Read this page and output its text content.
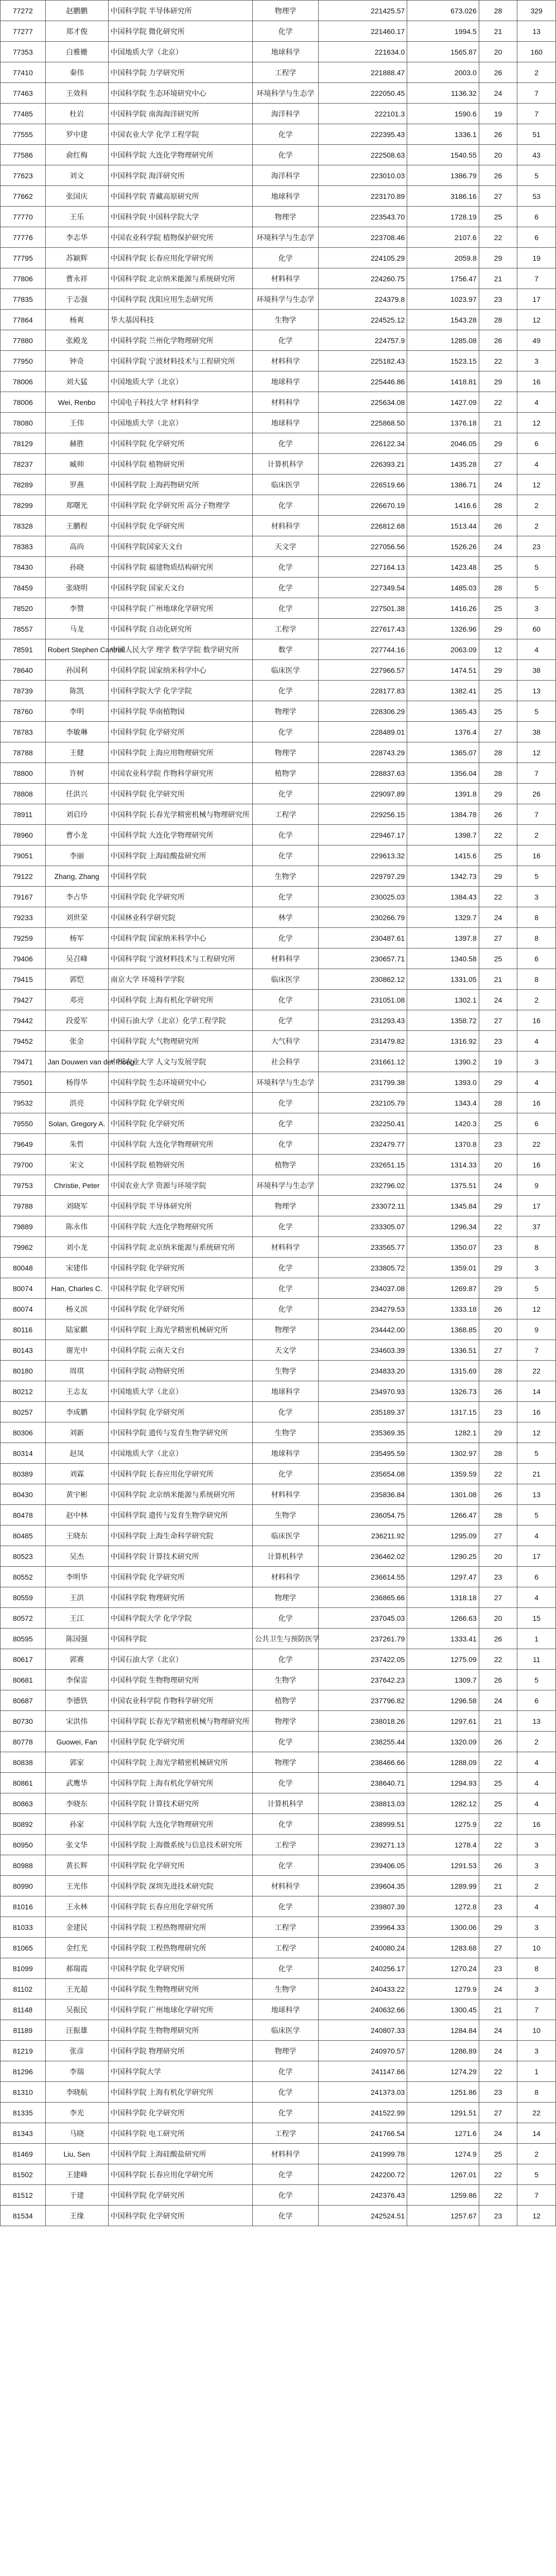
77272	赵鹏鹏	中国科学院 半导体研究所	物理学	221425.57	673.026	28	329
77277	郑才俊	中国科学院 微化研究所	化学	221460.17	1994.5	21	13
77353	白雅姗	中国地质大学（北京）	地球科学	221634.0	1565.87	20	160
77410	秦伟	中国科学院 力学研究所	工程学	221888.47	2003.0	26	2
77463	王效科	中国科学院 生态环境研究中心	环境科学与生态学	222050.45	1136.32	24	7
77485	杜岩	中国科学院 南海海洋研究所	海洋科学	222101.3	1590.6	19	7
77555	罗中建	中国农业大学 化学工程学院	化学	222395.43	1336.1	26	51
77586	俞红梅	中国科学院 大连化学物理研究所	化学	222508.63	1540.55	20	43
77623	刘文	中国科学院 海洋研究所	海洋科学	223010.03	1386.79	26	5
77662	张国庆	中国科学院 青藏高原研究所	地球科学	223170.89	3186.16	27	53
77770	王乐	中国科学院 中国科学院大学	物理学	223543.70	1728.19	25	6
77776	李志华	中国农业科学院 植物保护研究所	环境科学与生态学	223708.46	2107.6	22	6
77795	苏颖辉	中国科学院 长春应用化学研究所	化学	224105.29	2059.8	29	19
77806	曹永祥	中国科学院 北京纳米能源与系统研究所	材料科学	224260.75	1756.47	21	7
77835	于志强	中国科学院 沈阳应用生态研究所	环境科学与生态学	224379.8	1023.97	23	17
77864	杨爽	华大基因科技	生物学	224525.12	1543.28	28	12
77880	张殿龙	中国科学院 兰州化学物理研究所	化学	224757.9	1285.08	26	49
77950	钟奇	中国科学院 宁波材料技术与工程研究所	材料科学	225182.43	1523.15	22	3
78006	刘大猛	中国地质大学（北京）	地球科学	225446.86	1418.81	29	16
78006	Wei, Renbo	中国电子科技大学 材料科学	材料科学	225634.08	1427.09	22	4
78080	王伟	中国地质大学（北京）	地球科学	225868.50	1376.18	21	12
78129	赫胜	中国科学院 化学研究所	化学	226122.34	2046.05	29	6
78237	臧帅	中国科学院 植物研究所	计算机科学	226393.21	1435.28	27	4
78289	罗燕	中国科学院 上海药物研究所	临床医学	226519.66	1386.71	24	12
78299	郑曙光	中国科学院 化学研究所 高分子物理学	化学	226670.19	1416.6	28	2
78328	王鹏程	中国科学院 化学研究所	材料科学	226812.68	1513.44	26	2
78383	高尚	中国科学院国家天文台	天文学	227056.56	1526.26	24	23
78430	孙晓	中国科学院 福建物质结构研究所	化学	227164.13	1423.48	25	5
78459	张晓明	中国科学院 国家天文台	化学	227349.54	1485.03	28	5
78520	李赞	中国科学院 广州地球化学研究所	化学	227501.38	1416.26	25	3
78557	马龙	中国科学院 自动化研究所	工程学	227617.43	1326.96	29	60
78591	Robert Stephen Cantrell	中国人民大学 理学 数学学院 数学研究所	数学	227744.16	2063.09	12	4
78640	孙国利	中国科学院 国家纳米科学中心	临床医学	227966.57	1474.51	29	38
78739	陈凯	中国科学院大学 化学学院	化学	228177.83	1382.41	25	13
78760	李明	中国科学院 华南植物园	物理学	228306.29	1365.43	25	5
78783	李敏琳	中国科学院 化学研究所	化学	228489.01	1376.4	27	38
78788	王健	中国科学院 上海应用物理研究所	物理学	228743.29	1365.07	28	12
78800	许树	中国农业科学院 作物科学研究所	植物学	228837.63	1356.04	28	7
78808	任洪兴	中国科学院 化学研究所	化学	229097.89	1391.8	29	26
78911	刘启玲	中国科学院 长春光学精密机械与物理研究所	工程学	229256.15	1384.78	26	7
78960	曹小龙	中国科学院 大连化学物理研究所	化学	229467.17	1398.7	22	2
79051	李丽	中国科学院 上海硅酸盐研究所	化学	229613.32	1415.6	25	16
79122	Zhang, Zhang	中国科学院	生物学	229797.29	1342.73	29	5
79167	李占华	中国科学院 化学研究所	化学	230025.03	1384.43	22	3
79233	刘世荣	中国林业科学研究院	林学	230266.79	1329.7	24	8
79259	杨军	中国科学院 国家纳米科学中心	化学	230487.61	1397.8	27	8
79406	吴召峰	中国科学院 宁波材料技术与工程研究所	材料科学	230657.71	1340.58	25	6
79415	郭恺	南京大学 环境科学学院	临床医学	230862.12	1331.05	21	8
79427	邓亮	中国科学院 上海有机化学研究所	化学	231051.08	1302.1	24	2
79442	段爱军	中国石油大学（北京）化学工程学院	化学	231293.43	1358.72	27	16
79452	张金	中国科学院 大气物理研究所	大气科学	231479.82	1316.92	23	4
79471	Jan Douwen van der Ploeg	中国农业大学 人文与发展学院	社会科学	231661.12	1390.2	19	3
79501	杨得华	中国科学院 生态环境研究中心	环境科学与生态学	231799.38	1393.0	29	4
79532	洪亮	中国科学院 化学研究所	化学	232105.79	1343.4	28	16
79550	Solan, Gregory A.	中国科学院 化学研究所	化学	232250.41	1420.3	25	6
79649	朱哲	中国科学院 大连化学物理研究所	化学	232479.77	1370.8	23	22
79700	宋文	中国科学院 植物研究所	植物学	232651.15	1314.33	20	16
79753	Christie, Peter	中国农业大学 资源与环境学院	环境科学与生态学	232796.02	1375.51	24	9
79788	刘晓军	中国科学院 半导体研究所	物理学	233072.11	1345.84	29	17
79889	陈永伟	中国科学院 大连化学物理研究所	化学	233305.07	1296.34	22	37
79962	刘小龙	中国科学院 北京纳米能源与系统研究所	材料科学	233565.77	1350.07	23	8
80048	宋建伟	中国科学院 化学研究所	化学	233805.72	1359.01	29	3
80074	Han, Charles C.	中国科学院 化学研究所	化学	234037.08	1269.87	29	5
80074	杨义滨	中国科学院 化学研究所	化学	234279.53	1333.18	26	12
80116	陆家麒	中国科学院 上海光学精密机械研究所	物理学	234442.00	1368.85	20	9
80143	谢光中	中国科学院 云南天文台	天文学	234603.39	1336.51	27	7
80180	周琪	中国科学院 动物研究所	生物学	234833.20	1315.69	28	22
80212	王志友	中国地质大学（北京）	地球科学	234970.93	1326.73	26	14
80257	李成鹏	中国科学院 化学研究所	化学	235189.37	1317.15	23	16
80306	刘新	中国科学院 遗传与发育生物学研究所	生物学	235369.35	1282.1	29	12
80314	赵凤	中国地质大学（北京）	地球科学	235495.59	1302.97	28	5
80389	刘霖	中国科学院 长春应用化学研究所	化学	235654.08	1359.59	22	21
80430	黄宇彬	中国科学院 北京纳米能源与系统研究所	材料科学	235836.84	1301.08	26	13
80478	赵中林	中国科学院 遗传与发育生物学研究所	生物学	236054.75	1266.47	28	5
80485	王晓东	中国科学院 上海生命科学研究院	临床医学	236211.92	1295.09	27	4
80523	吴杰	中国科学院 计算技术研究所	计算机科学	236462.02	1290.25	20	17
80552	李明华	中国科学院 化学研究所	材料科学	236614.55	1297.47	23	6
80559	王洪	中国科学院 物理研究所	物理学	236865.66	1318.18	27	4
80572	王江	中国科学院大学 化学学院	化学	237045.03	1266.63	20	15
80595	陈国强	中国科学院	公共卫生与预防医学	237261.79	1333.41	26	1
80617	郭赛	中国石油大学（北京）	化学	237422.05	1275.09	22	11
80681	李保雷	中国科学院 生物物理研究所	生物学	237642.23	1309.7	26	5
80687	李德铁	中国农业科学院 作物科学研究所	植物学	237796.82	1296.58	24	6
80730	宋洪伟	中国科学院 长春光学精密机械与物理研究所	物理学	238018.26	1297.61	21	13
80778	Guowei, Fan	中国科学院 化学研究所	化学	238255.44	1320.09	26	2
80838	郭家	中国科学院 上海光学精密机械研究所	物理学	238466.66	1288.09	22	4
80861	武鹰华	中国科学院 上海有机化学研究所	化学	238640.71	1294.93	25	4
80863	李晓东	中国科学院 计算技术研究所	计算机科学	238813.03	1282.12	25	4
80892	孙家	中国科学院 大连化学物理研究所	化学	238999.51	1275.9	22	16
80950	张文华	中国科学院 上海微系统与信息技术研究所	工程学	239271.13	1278.4	22	3
80988	黄长辉	中国科学院 化学研究所	化学	239406.05	1291.53	26	3
80990	王光伟	中国科学院 深圳先进技术研究院	材料科学	239604.35	1289.99	21	2
81016	王永林	中国科学院 长春应用化学研究所	化学	239807.39	1272.8	23	4
81033	金建民	中国科学院 工程热物理研究所	工程学	239964.33	1300.06	29	3
81065	金红光	中国科学院 工程热物理研究所	工程学	240080.24	1283.68	27	10
81099	郝瑞霞	中国科学院 化学研究所	化学	240256.17	1270.24	23	8
81102	王光超	中国科学院 生物物理研究所	生物学	240433.22	1279.9	24	3
81148	吴振民	中国科学院 广州地球化学研究所	地球科学	240632.66	1300.45	21	7
81189	汪振雄	中国科学院 生物物理研究所	临床医学	240807.33	1284.84	24	10
81219	张彦	中国科学院 物理研究所	物理学	240970.57	1286.89	24	3
81296	李瑞	中国科学院大学	化学	241147.66	1274.29	22	1
81310	李晓航	中国科学院 上海有机化学研究所	化学	241373.03	1251.86	23	8
81335	李光	中国科学院 化学研究所	化学	241522.99	1291.51	27	22
81343	马晓	中国科学院 电工研究所	工程学	241766.54	1271.6	24	14
81469	Liu, Sen	中国科学院 上海硅酸盐研究所	材料科学	241999.78	1274.9	25	2
81502	王建峰	中国科学院 长春应用化学研究所	化学	242200.72	1267.01	22	5
81512	于建	中国科学院 化学研究所	化学	242376.43	1259.86	22	7
81534	王缘	中国科学院 化学研究所	化学	242524.51	1257.67	23	12
